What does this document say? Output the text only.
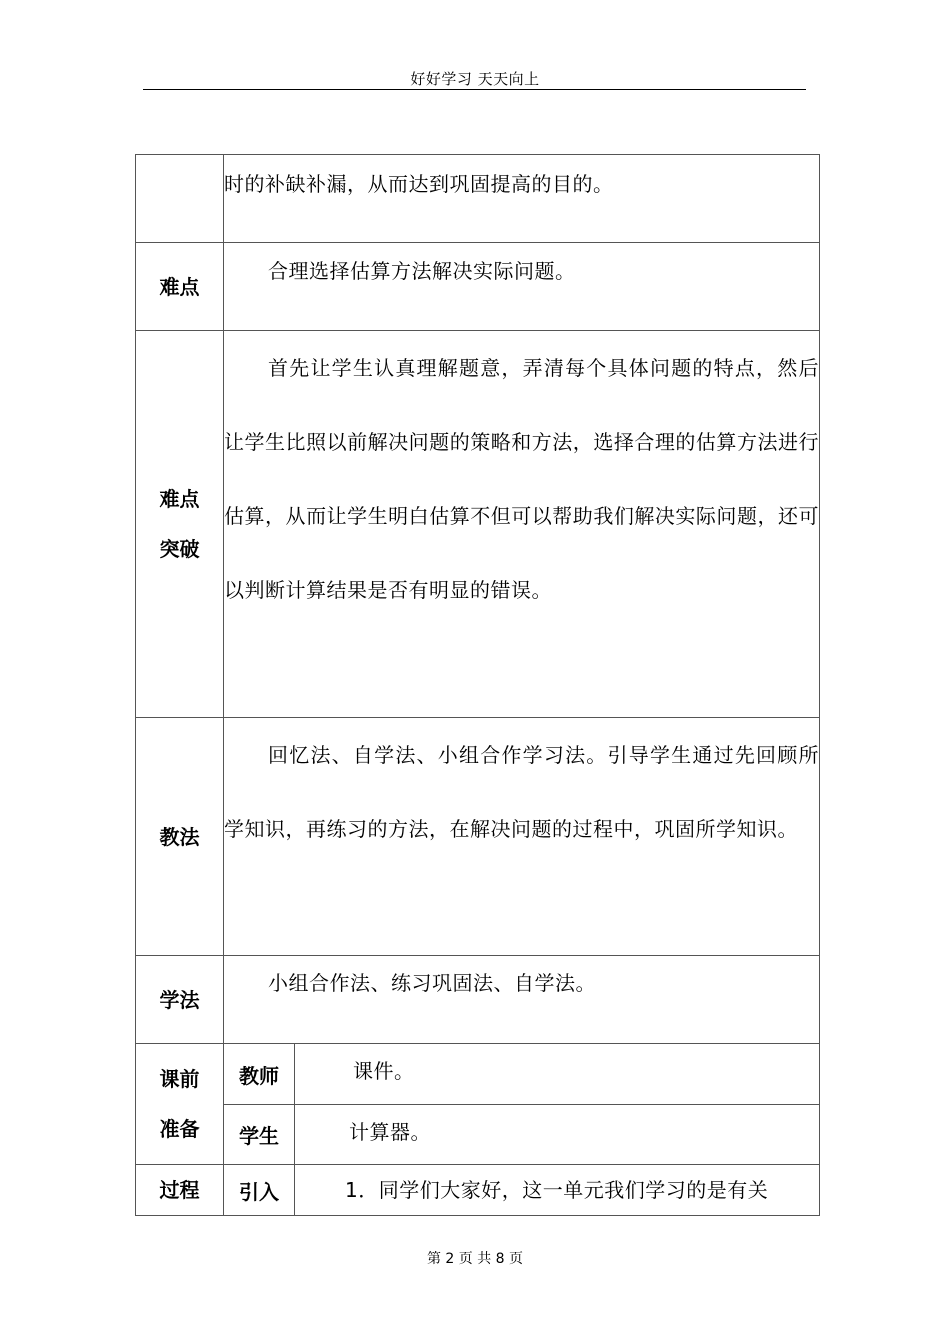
好好学习 天天向上

	时的补缺补漏，从而达到巩固提高的目的。	

难点	合理选择估算方法解决实际问题。	

难点
突破	首先让学生认真理解题意，弄清每个具体问题的特点，然后让学生比照以前解决问题的策略和方法，选择合理的估算方法进行估算，从而让学生明白估算不但可以帮助我们解决实际问题，还可以判断计算结果是否有明显的错误。	

教法	回忆法、自学法、小组合作学习法。引导学生通过先回顾所学知识，再练习的方法，在解决问题的过程中，巩固所学知识。	

学法	小组合作法、练习巩固法、自学法。	

课前
准备	教师	课件。

	学生	计算器。

过程	引入	1．同学们大家好，这一单元我们学习的是有关
第 2 页 共 8 页
